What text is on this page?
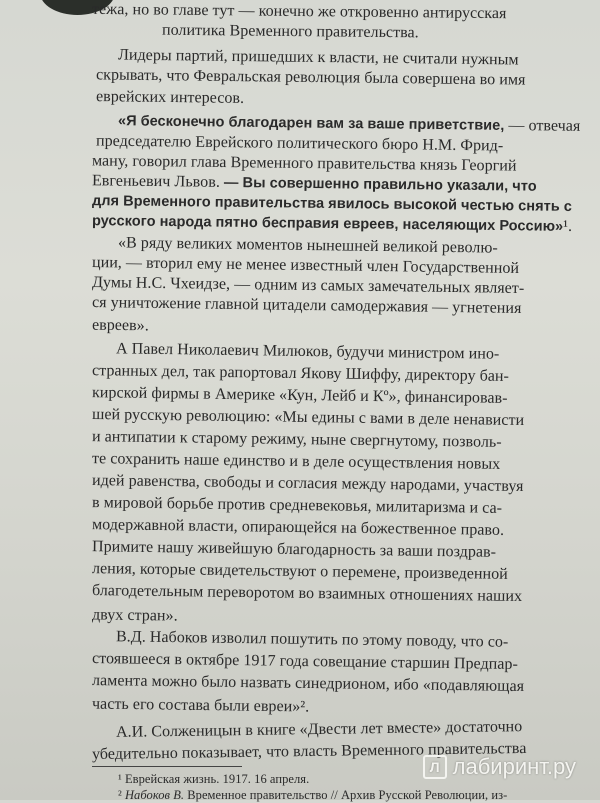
тежа, но во главе тут — конечно же откровенно антирусская
политика Временного правительства.
Лидеры партий, пришедших к власти, не считали нужным
скрывать, что Февральская революция была совершена во имя
еврейских интересов.
«Я бесконечно благодарен вам за ваше приветствие, — отвечая
председателю Еврейского политического бюро Н.М. Фрид-
ману, говорил глава Временного правительства князь Георгий
Евгеньевич Львов. — Вы совершенно правильно указали, что
для Временного правительства явилось высокой честью снять с
русского народа пятно бесправия евреев, населяющих Россию»¹.
«В ряду великих моментов нынешней великой револю-
ции, — вторил ему не менее известный член Государственной
Думы Н.С. Чхеидзе, — одним из самых замечательных являет-
ся уничтожение главной цитадели самодержавия — угнетения
евреев».
А Павел Николаевич Милюков, будучи министром ино-
странных дел, так рапортовал Якову Шиффу, директору бан-
кирской фирмы в Америке «Кун, Лейб и Кº», финансировав-
шей русскую революцию: «Мы едины с вами в деле ненависти
и антипатии к старому режиму, ныне свергнутому, позволь-
те сохранить наше единство и в деле осуществления новых
идей равенства, свободы и согласия между народами, участвуя
в мировой борьбе против средневековья, милитаризма и са-
модержавной власти, опирающейся на божественное право.
Примите нашу живейшую благодарность за ваши поздрав-
ления, которые свидетельствуют о перемене, произведенной
благодетельным переворотом во взаимных отношениях наших
двух стран».
В.Д. Набоков изволил пошутить по этому поводу, что со-
стоявшееся в октябре 1917 года совещание старшин Предпар-
ламента можно было назвать синедрионом, ибо «подавляющая
часть его состава были евреи»².
А.И. Солженицын в книге «Двести лет вместе» достаточно
убедительно показывает, что власть Временного правительства
¹ Еврейская жизнь. 1917. 16 апреля.
² Набоков В. Временное правительство // Архив Русской Революции, из-
Л лабиринт.ру
